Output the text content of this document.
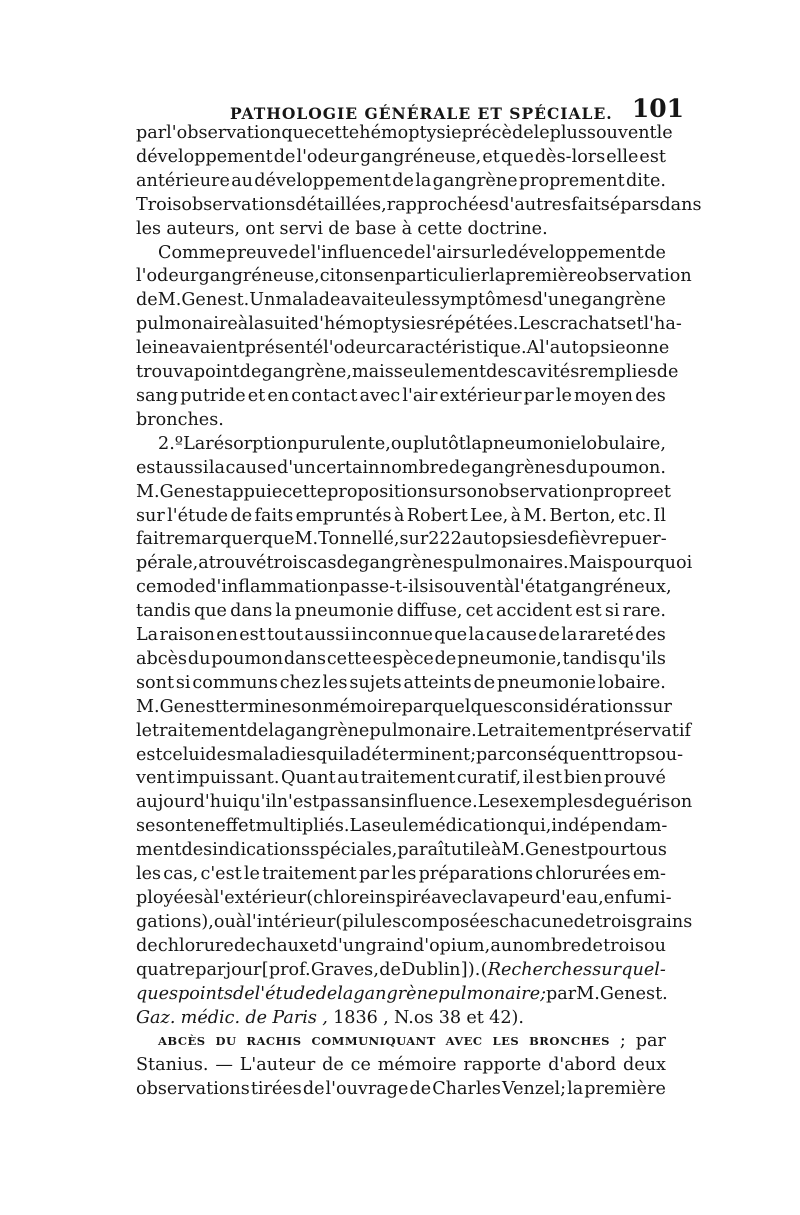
PATHOLOGIE GÉNÉRALE ET SPÉCIALE. 101
par l'observation que cette hémoptysie précède le plus souvent le
développement de l'odeur gangréneuse, et que dès-lors elle est
antérieure au développement de la gangrène proprement dite.
Trois observations détaillées, rapprochées d'autres faits épars dans
les auteurs, ont servi de base à cette doctrine.
Comme preuve de l'influence de l'air sur le développement de
l'odeur gangréneuse, citons en particulier la première observation
de M. Genest. Un malade avait eu les symptômes d'une gangrène
pulmonaire à la suite d'hémoptysies répétées. Les crachats et l'ha-
leine avaient présenté l'odeur caractéristique. A l'autopsie on ne
trouva point de gangrène, mais seulement des cavités remplies de
sang putride et en contact avec l'air extérieur par le moyen des
bronches.
2.º La résorption purulente , ou plutôt la pneumonie lobulaire ,
est aussi la cause d'un certain nombre de gangrènes du poumon.
M. Genest appuie cette proposition sur son observation propre et
sur l'étude de faits empruntés à Robert Lee, à M. Berton, etc. Il
fait remarquer que M. Tonnellé, sur 222 autopsies de fièvre puer-
pérale , a trouvé trois cas de gangrènes pulmonaires. Mais pourquoi
ce mode d'inflammation passe-t-il si souvent à l'état gangréneux ,
tandis que dans la pneumonie diffuse, cet accident est si rare.
La raison en est tout aussi inconnue que la cause de la rareté des
abcès du poumon dans cette espèce de pneumonie, tandis qu'ils
sont si communs chez les sujets atteints de pneumonie lobaire.
M. Genest termine son mémoire par quelques considérations sur
le traitement de la gangrène pulmonaire. Le traitement préservatif
est celui des maladies qui la déterminent ; par conséquent trop sou-
vent impuissant. Quant au traitement curatif, il est bien prouvé
aujourd'hui qu'il n'est pas sans influence. Les exemples de guérison
se sont en effet multipliés. La seule médication qui, indépendam-
ment des indications spéciales, paraît utile à M. Genest pour tous
les cas, c'est le traitement par les préparations chlorurées em-
ployées à l'extérieur (chlore inspiré avec la vapeur d'eau , en fumi-
gations), ou à l'intérieur (pilules composées chacune d e trois grains
de chlorure de chaux et d'un grain d'opium, au nombre de trois ou
quatre par jour [ prof. Graves , de Dublin ] ). ( Recherches sur quel-
ques points de l'étude de la gangrène pulmonaire ; par M. Genest.
Gaz. médic. de Paris , 1836 , N.os 38 et 42).
ABCÈS DU RACHIS COMMUNIQUANT AVEC LES BRONCHES ; par
Stanius. — L'auteur de ce mémoire rapporte d'abord deux
observations tirées de l'ouvrage de Charles Venzel; la première
